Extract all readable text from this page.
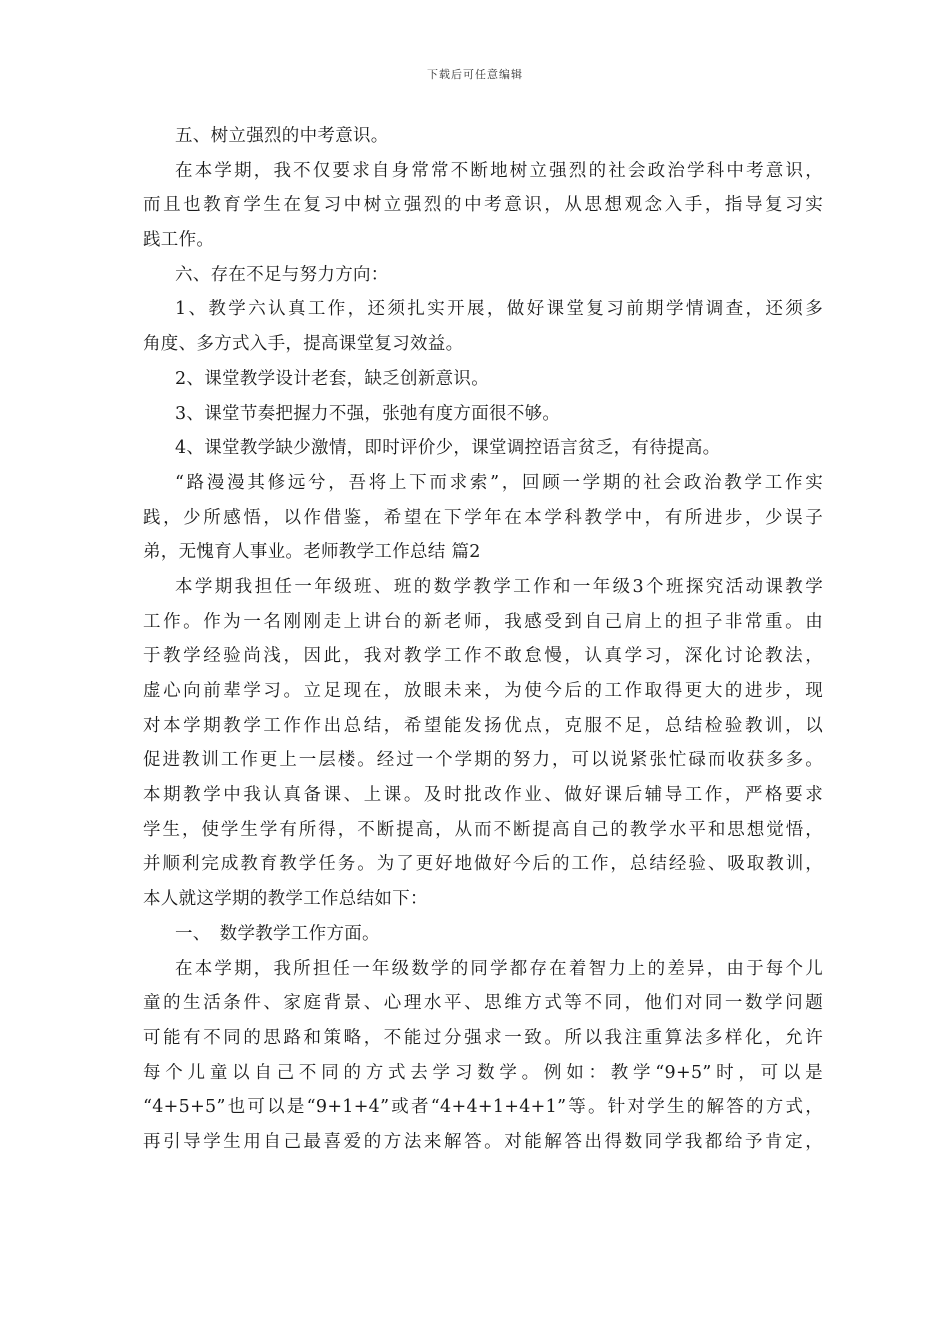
下载后可任意编辑
五、树立强烈的中考意识。
在本学期，我不仅要求自身常常不断地树立强烈的社会政治学科中考意识，
而且也教育学生在复习中树立强烈的中考意识，从思想观念入手，指导复习实
践工作。
六、存在不足与努力方向：
1、教学六认真工作，还须扎实开展，做好课堂复习前期学情调查，还须多
角度、多方式入手，提高课堂复习效益。
2、课堂教学设计老套，缺乏创新意识。
3、课堂节奏把握力不强，张弛有度方面很不够。
4、课堂教学缺少激情，即时评价少，课堂调控语言贫乏，有待提高。
“路漫漫其修远兮，吾将上下而求索”，回顾一学期的社会政治教学工作实
践，少所感悟，以作借鉴，希望在下学年在本学科教学中，有所进步，少误子
弟，无愧育人事业。老师教学工作总结 篇2
本学期我担任一年级班、班的数学教学工作和一年级3个班探究活动课教学
工作。作为一名刚刚走上讲台的新老师，我感受到自己肩上的担子非常重。由
于教学经验尚浅，因此，我对教学工作不敢怠慢，认真学习，深化讨论教法，
虚心向前辈学习。立足现在，放眼未来，为使今后的工作取得更大的进步，现
对本学期教学工作作出总结，希望能发扬优点，克服不足，总结检验教训，以
促进教训工作更上一层楼。经过一个学期的努力，可以说紧张忙碌而收获多多。
本期教学中我认真备课、上课。及时批改作业、做好课后辅导工作，严格要求
学生，使学生学有所得，不断提高，从而不断提高自己的教学水平和思想觉悟，
并顺利完成教育教学任务。为了更好地做好今后的工作，总结经验、吸取教训，
本人就这学期的教学工作总结如下：
一、　数学教学工作方面。
在本学期，我所担任一年级数学的同学都存在着智力上的差异，由于每个儿
童的生活条件、家庭背景、心理水平、思维方式等不同，他们对同一数学问题
可能有不同的思路和策略，不能过分强求一致。所以我注重算法多样化，允许
每个儿童以自己不同的方式去学习数学。例如：教学“9+5”时，可以是
“4+5+5”也可以是“9+1+4”或者“4+4+1+4+1”等。针对学生的解答的方式，
再引导学生用自己最喜爱的方法来解答。对能解答出得数同学我都给予肯定，
